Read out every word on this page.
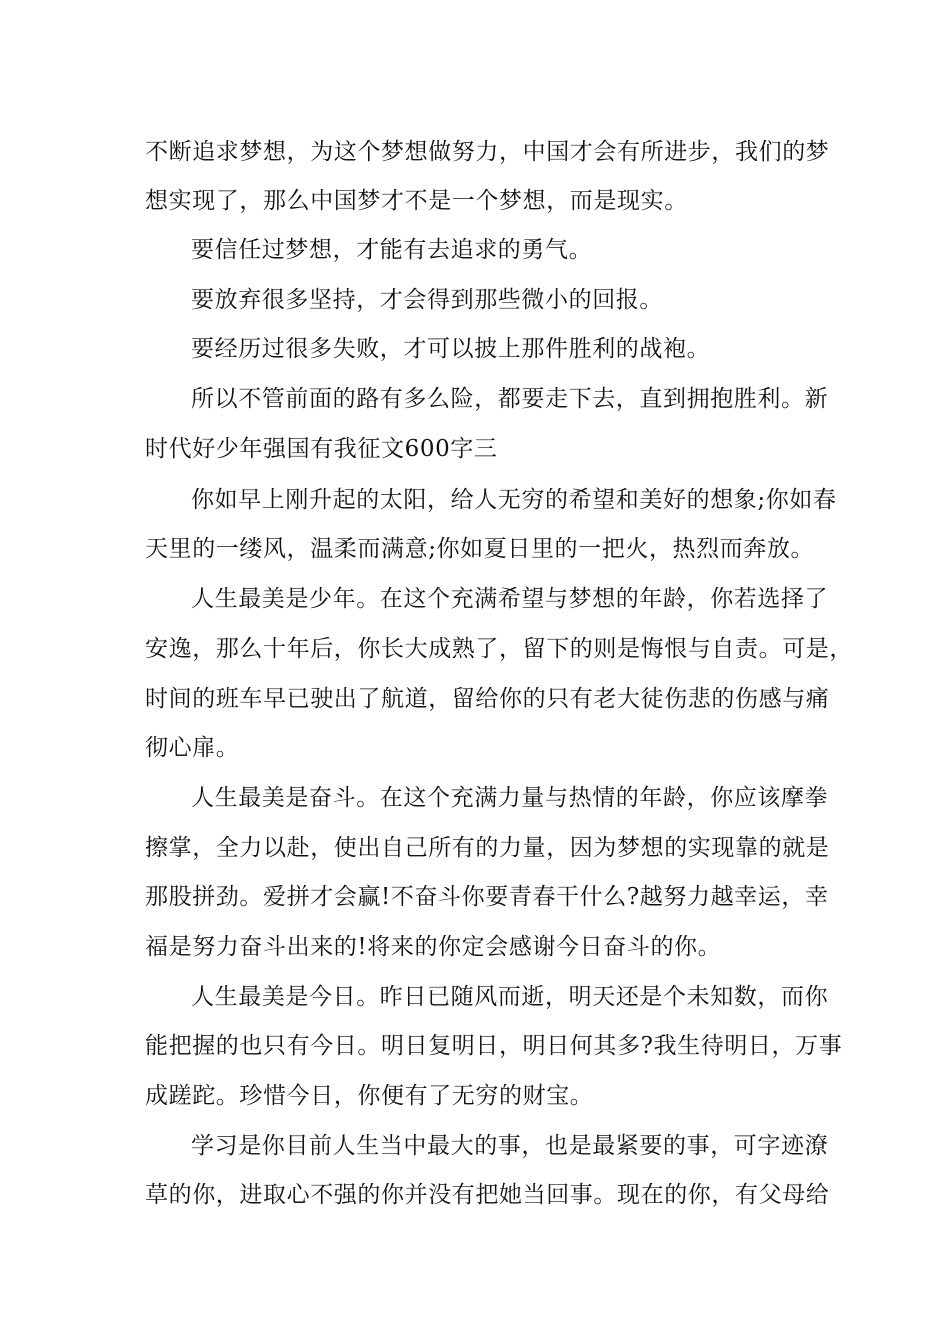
不断追求梦想，为这个梦想做努力，中国才会有所进步，我们的梦
想实现了，那么中国梦才不是一个梦想，而是现实。
要信任过梦想，才能有去追求的勇气。
要放弃很多坚持，才会得到那些微小的回报。
要经历过很多失败，才可以披上那件胜利的战袍。
所以不管前面的路有多么险，都要走下去，直到拥抱胜利。新
时代好少年强国有我征文600字三
你如早上刚升起的太阳，给人无穷的希望和美好的想象;你如春
天里的一缕风，温柔而满意;你如夏日里的一把火，热烈而奔放。
人生最美是少年。在这个充满希望与梦想的年龄，你若选择了
安逸，那么十年后，你长大成熟了，留下的则是悔恨与自责。可是，
时间的班车早已驶出了航道，留给你的只有老大徒伤悲的伤感与痛
彻心扉。
人生最美是奋斗。在这个充满力量与热情的年龄，你应该摩拳
擦掌，全力以赴，使出自己所有的力量，因为梦想的实现靠的就是
那股拼劲。爱拼才会赢!不奋斗你要青春干什么?越努力越幸运，幸
福是努力奋斗出来的!将来的你定会感谢今日奋斗的你。
人生最美是今日。昨日已随风而逝，明天还是个未知数，而你
能把握的也只有今日。明日复明日，明日何其多?我生待明日，万事
成蹉跎。珍惜今日，你便有了无穷的财宝。
学习是你目前人生当中最大的事，也是最紧要的事，可字迹潦
草的你，进取心不强的你并没有把她当回事。现在的你，有父母给
